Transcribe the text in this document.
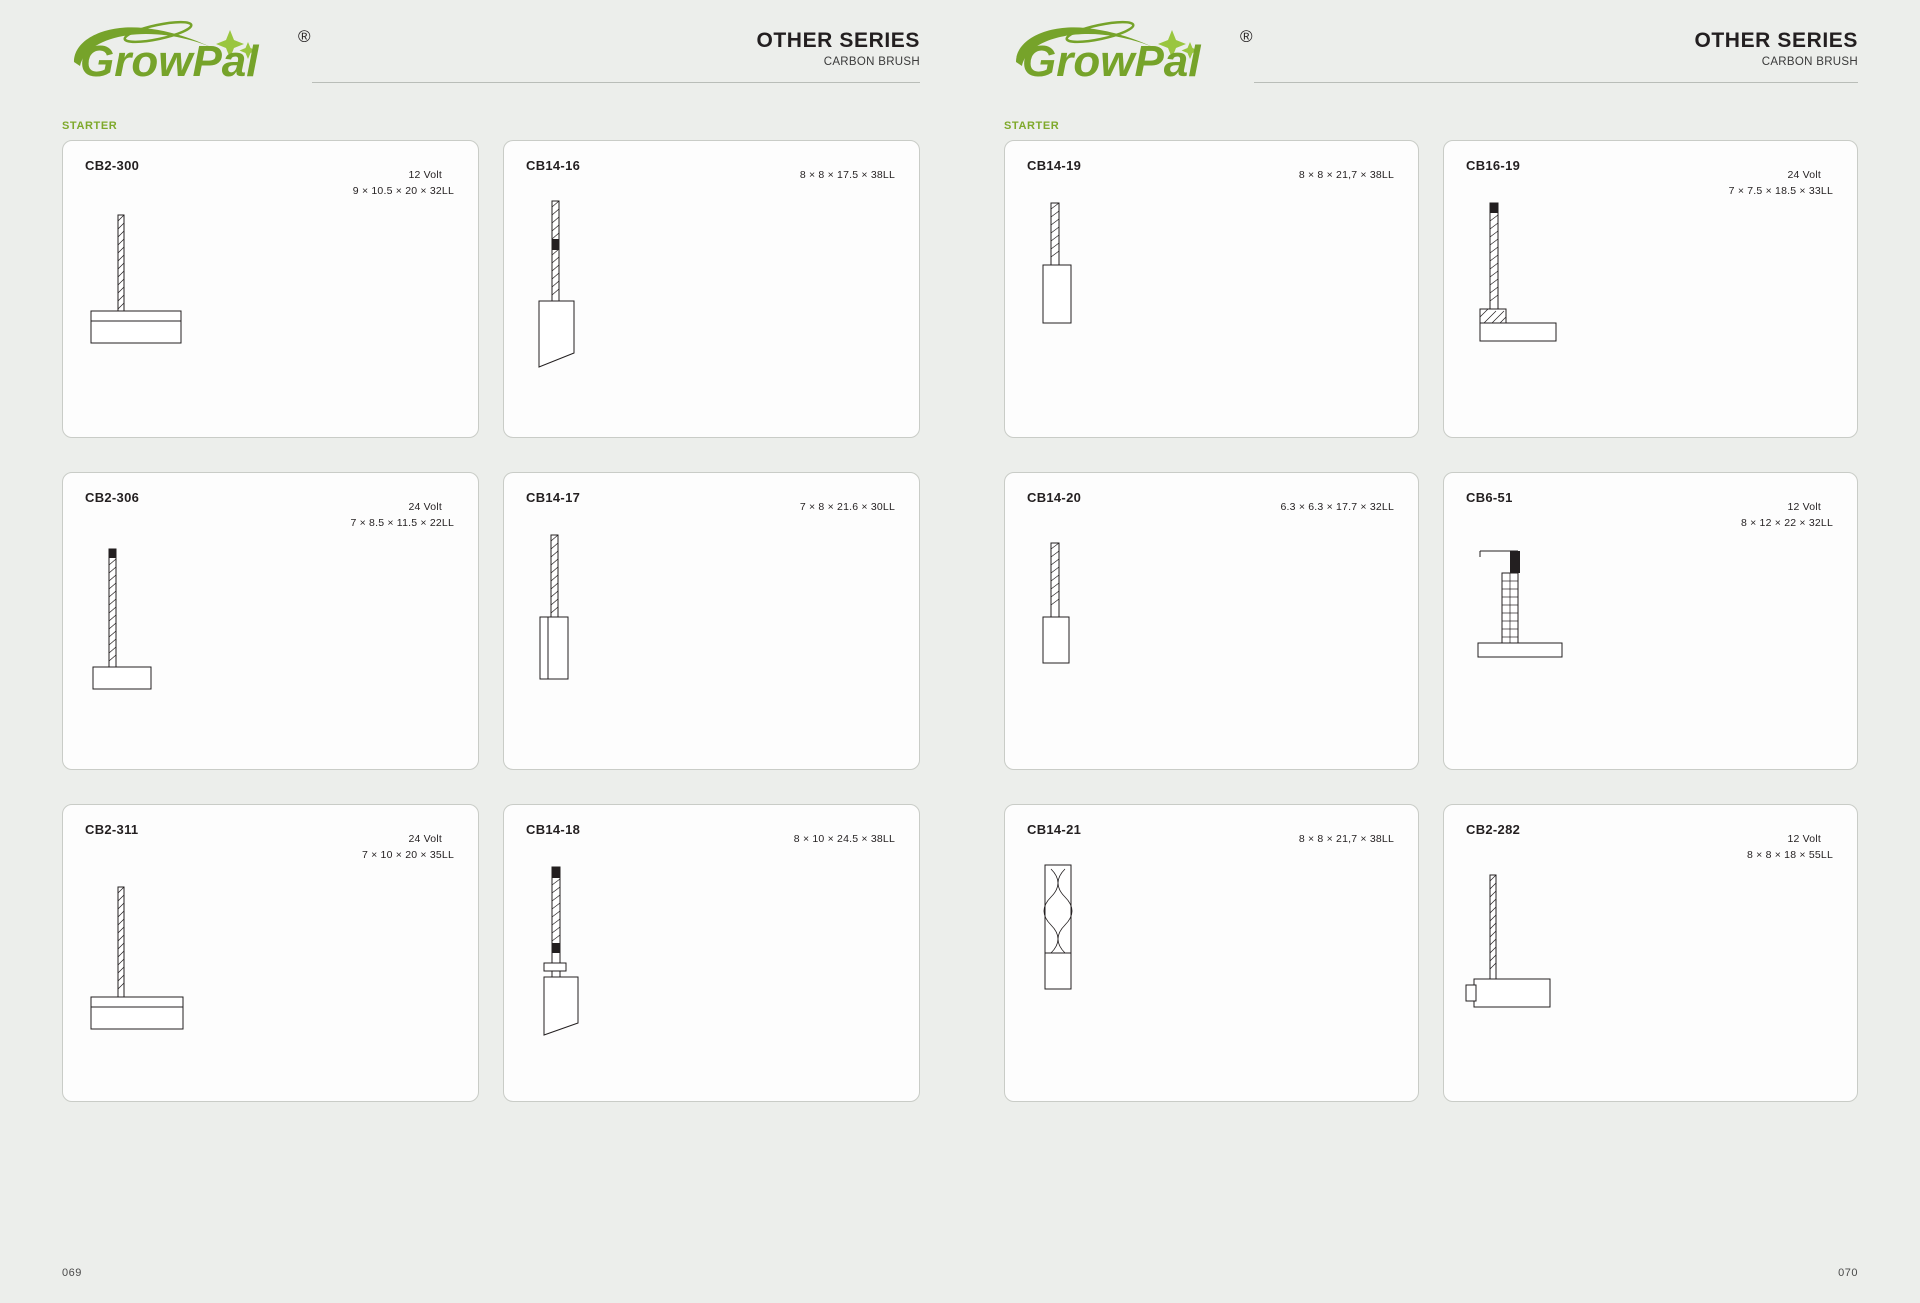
GrowPal
®	OTHER SERIES
CARBON BRUSH
STARTER
CB2-300
12 Volt
9 × 10.5 × 20 × 32LL
CB14-16
8 × 8 × 17.5 × 38LL
CB2-306
24 Volt
7 × 8.5 × 11.5 × 22LL
CB14-17
7 × 8 × 21.6 × 30LL
CB2-311
24 Volt
7 × 10 × 20 × 35LL
CB14-18
8 × 10 × 24.5 × 38LL
069
GrowPal
®	OTHER SERIES
CARBON BRUSH
STARTER
CB14-19
8 × 8 × 21,7 × 38LL
CB16-19
24 Volt
7 × 7.5 × 18.5 × 33LL
CB14-20
6.3 × 6.3 × 17.7 × 32LL
CB6-51
12 Volt
8 × 12 × 22 × 32LL
CB14-21
8 × 8 × 21,7 × 38LL
CB2-282
12 Volt
8 × 8 × 18 × 55LL
070
